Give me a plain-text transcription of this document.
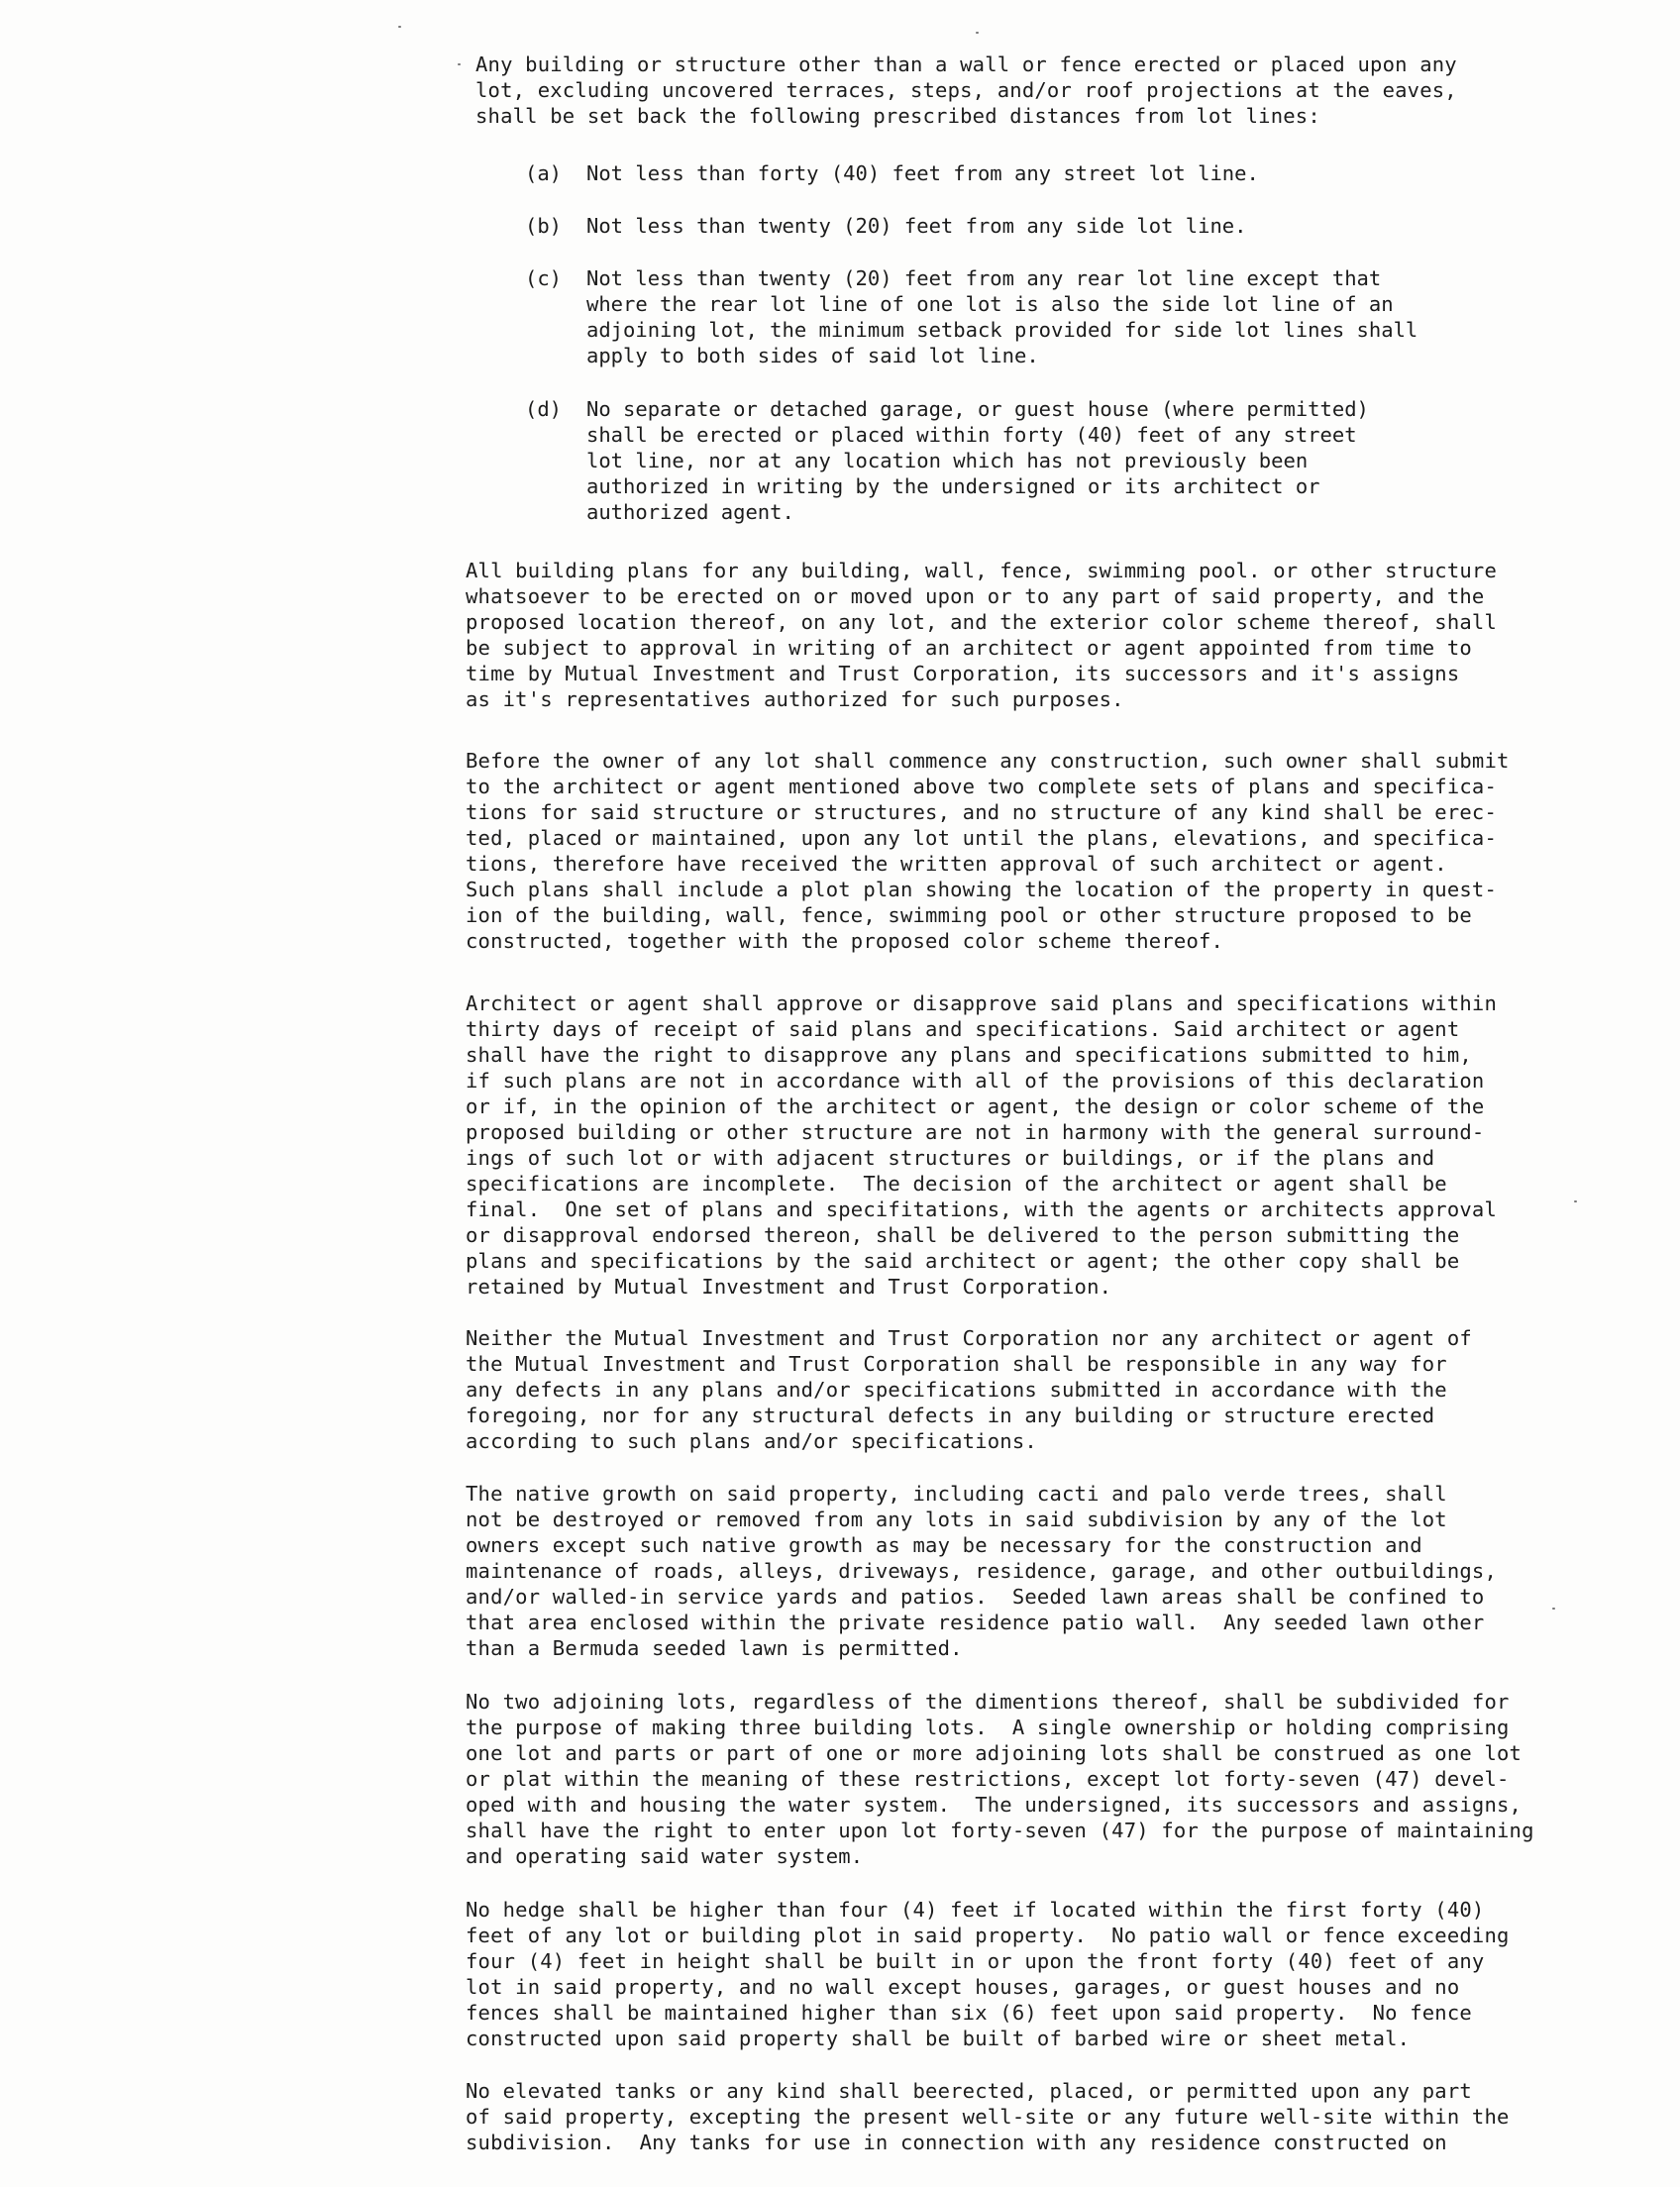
Any building or structure other than a wall or fence erected or placed upon any
lot, excluding uncovered terraces, steps, and/or roof projections at the eaves,
shall be set back the following prescribed distances from lot lines:
(a) Not less than forty (40) feet from any street lot line.
(b) Not less than twenty (20) feet from any side lot line.
(c) Not less than twenty (20) feet from any rear lot line except that
where the rear lot line of one lot is also the side lot line of an
adjoining lot, the minimum setback provided for side lot lines shall
apply to both sides of said lot line.
(d) No separate or detached garage, or guest house (where permitted)
shall be erected or placed within forty (40) feet of any street
lot line, nor at any location which has not previously been
authorized in writing by the undersigned or its architect or
authorized agent.
All building plans for any building, wall, fence, swimming pool. or other structure
whatsoever to be erected on or moved upon or to any part of said property, and the
proposed location thereof, on any lot, and the exterior color scheme thereof, shall
be subject to approval in writing of an architect or agent appointed from time to
time by Mutual Investment and Trust Corporation, its successors and it's assigns
as it's representatives authorized for such purposes.
Before the owner of any lot shall commence any construction, such owner shall submit
to the architect or agent mentioned above two complete sets of plans and specifica-
tions for said structure or structures, and no structure of any kind shall be erec-
ted, placed or maintained, upon any lot until the plans, elevations, and specifica-
tions, therefore have received the written approval of such architect or agent.
Such plans shall include a plot plan showing the location of the property in quest-
ion of the building, wall, fence, swimming pool or other structure proposed to be
constructed, together with the proposed color scheme thereof.
Architect or agent shall approve or disapprove said plans and specifications within
thirty days of receipt of said plans and specifications. Said architect or agent
shall have the right to disapprove any plans and specifications submitted to him,
if such plans are not in accordance with all of the provisions of this declaration
or if, in the opinion of the architect or agent, the design or color scheme of the
proposed building or other structure are not in harmony with the general surround-
ings of such lot or with adjacent structures or buildings, or if the plans and
specifications are incomplete.  The decision of the architect or agent shall be
final.  One set of plans and specifitations, with the agents or architects approval
or disapproval endorsed thereon, shall be delivered to the person submitting the
plans and specifications by the said architect or agent; the other copy shall be
retained by Mutual Investment and Trust Corporation.
Neither the Mutual Investment and Trust Corporation nor any architect or agent of
the Mutual Investment and Trust Corporation shall be responsible in any way for
any defects in any plans and/or specifications submitted in accordance with the
foregoing, nor for any structural defects in any building or structure erected
according to such plans and/or specifications.
The native growth on said property, including cacti and palo verde trees, shall
not be destroyed or removed from any lots in said subdivision by any of the lot
owners except such native growth as may be necessary for the construction and
maintenance of roads, alleys, driveways, residence, garage, and other outbuildings,
and/or walled-in service yards and patios.  Seeded lawn areas shall be confined to
that area enclosed within the private residence patio wall.  Any seeded lawn other
than a Bermuda seeded lawn is permitted.
No two adjoining lots, regardless of the dimentions thereof, shall be subdivided for
the purpose of making three building lots.  A single ownership or holding comprising
one lot and parts or part of one or more adjoining lots shall be construed as one lot
or plat within the meaning of these restrictions, except lot forty-seven (47) devel-
oped with and housing the water system.  The undersigned, its successors and assigns,
shall have the right to enter upon lot forty-seven (47) for the purpose of maintaining
and operating said water system.
No hedge shall be higher than four (4) feet if located within the first forty (40)
feet of any lot or building plot in said property.  No patio wall or fence exceeding
four (4) feet in height shall be built in or upon the front forty (40) feet of any
lot in said property, and no wall except houses, garages, or guest houses and no
fences shall be maintained higher than six (6) feet upon said property.  No fence
constructed upon said property shall be built of barbed wire or sheet metal.
No elevated tanks or any kind shall beerected, placed, or permitted upon any part
of said property, excepting the present well-site or any future well-site within the
subdivision.  Any tanks for use in connection with any residence constructed on
